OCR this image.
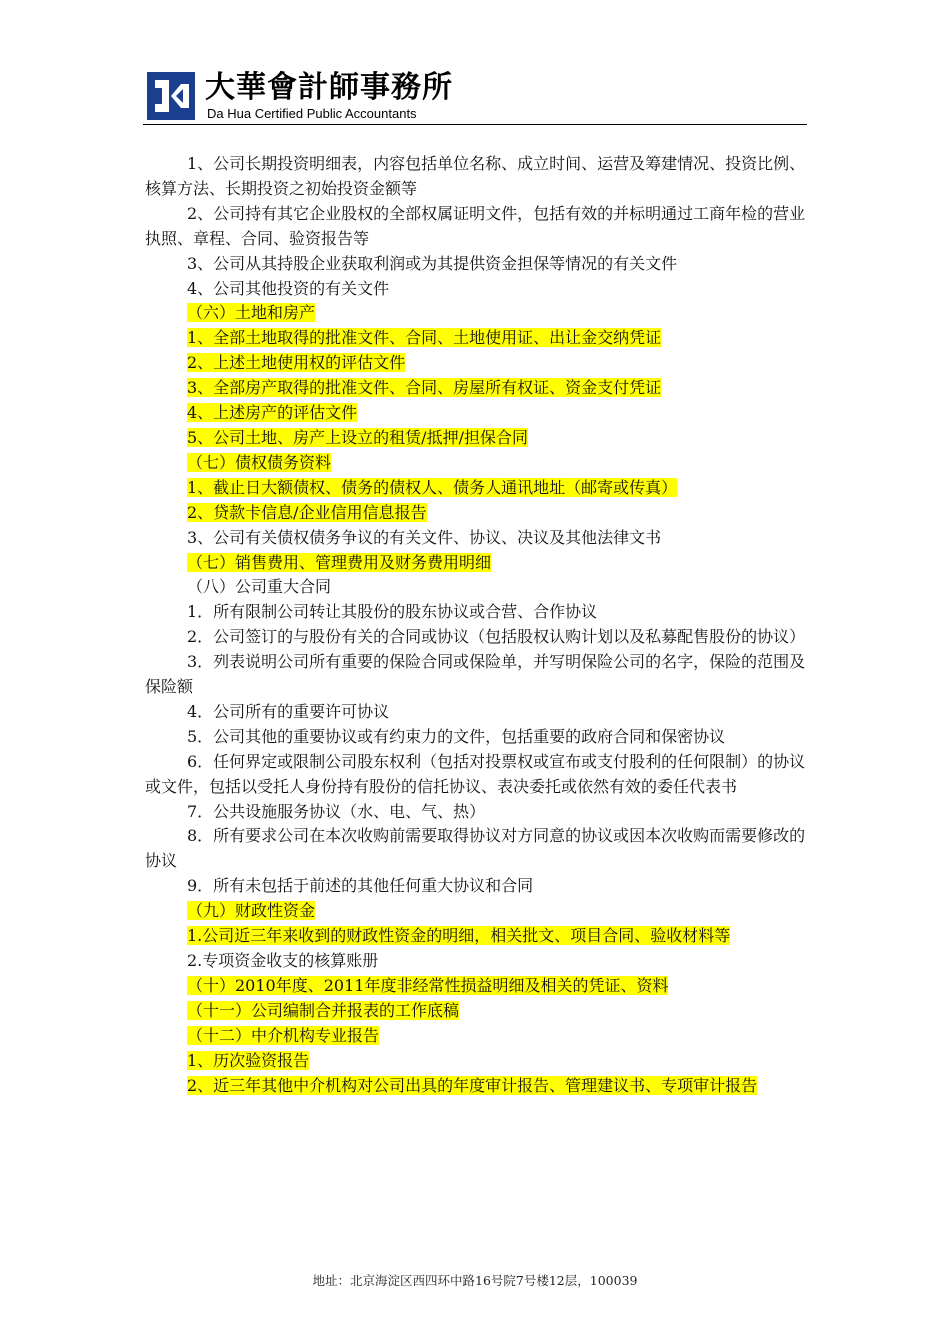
大華會計師事務所
Da Hua Certified Public Accountants

1、公司长期投资明细表，内容包括单位名称、成立时间、运营及筹建情况、投资比例、核算方法、长期投资之初始投资金额等

2、公司持有其它企业股权的全部权属证明文件，包括有效的并标明通过工商年检的营业执照、章程、合同、验资报告等

3、公司从其持股企业获取利润或为其提供资金担保等情况的有关文件

4、公司其他投资的有关文件

（六）土地和房产

1、全部土地取得的批准文件、合同、土地使用证、出让金交纳凭证

2、上述土地使用权的评估文件

3、全部房产取得的批准文件、合同、房屋所有权证、资金支付凭证

4、上述房产的评估文件

5、公司土地、房产上设立的租赁/抵押/担保合同

（七）债权债务资料

1、截止日大额债权、债务的债权人、债务人通讯地址（邮寄或传真）

2、贷款卡信息/企业信用信息报告

3、公司有关债权债务争议的有关文件、协议、决议及其他法律文书

（七）销售费用、管理费用及财务费用明细

（八）公司重大合同

1．所有限制公司转让其股份的股东协议或合营、合作协议

2．公司签订的与股份有关的合同或协议（包括股权认购计划以及私募配售股份的协议）

3．列表说明公司所有重要的保险合同或保险单，并写明保险公司的名字，保险的范围及保险额

4．公司所有的重要许可协议

5．公司其他的重要协议或有约束力的文件，包括重要的政府合同和保密协议

6．任何界定或限制公司股东权利（包括对投票权或宣布或支付股利的任何限制）的协议或文件，包括以受托人身份持有股份的信托协议、表决委托或依然有效的委任代表书

7．公共设施服务协议（水、电、气、热）

8．所有要求公司在本次收购前需要取得协议对方同意的协议或因本次收购而需要修改的协议

9．所有未包括于前述的其他任何重大协议和合同

（九）财政性资金

1.公司近三年来收到的财政性资金的明细，相关批文、项目合同、验收材料等

2.专项资金收支的核算账册

（十）2010年度、2011年度非经常性损益明细及相关的凭证、资料

（十一）公司编制合并报表的工作底稿

（十二）中介机构专业报告

1、历次验资报告

2、近三年其他中介机构对公司出具的年度审计报告、管理建议书、专项审计报告

地址：北京海淀区西四环中路16号院7号楼12层，100039
